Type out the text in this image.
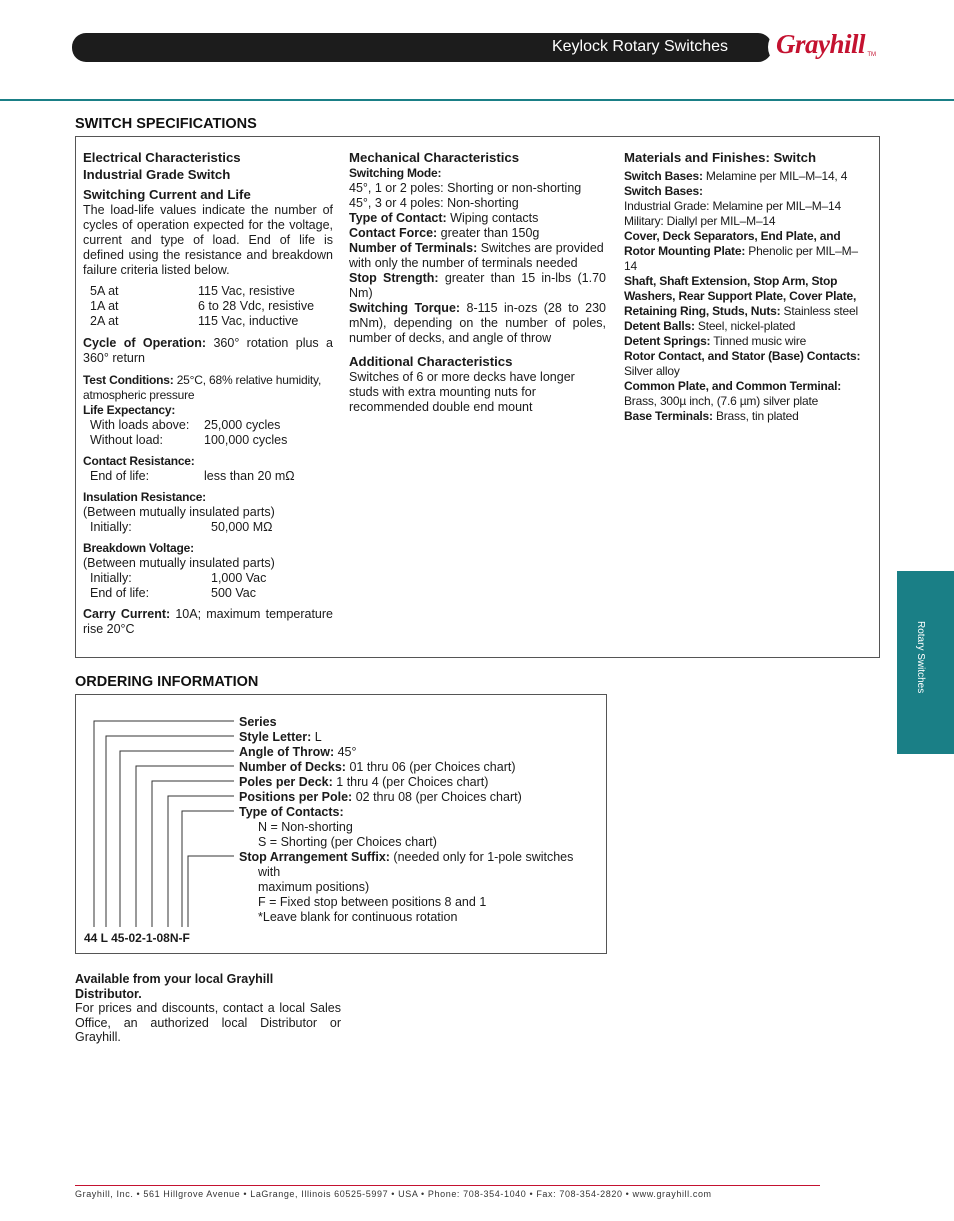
Keylock Rotary Switches Grayhill TM
SWITCH SPECIFICATIONS
Electrical Characteristics
Industrial Grade Switch
Switching Current and Life
The load-life values indicate the number of cycles of operation expected for the voltage, current and type of load. End of life is defined using the resistance and breakdown failure criteria listed below.
5A at	115 Vac, resistive
1A at	6 to 28 Vdc, resistive
2A at	115 Vac, inductive
Cycle of Operation: 360° rotation plus a 360° return
Test Conditions: 25°C, 68% relative humidity, atmospheric pressure
Life Expectancy:
With loads above:	25,000 cycles
Without load:	100,000 cycles
Contact Resistance:
End of life:	less than 20 mΩ
Insulation Resistance:
(Between mutually insulated parts)
Initially:	50,000 MΩ
Breakdown Voltage:
(Between mutually insulated parts)
Initially:	1,000 Vac
End of life:	500 Vac
Carry Current: 10A; maximum temperature rise 20°C
Mechanical Characteristics
Switching Mode:
45°, 1 or 2 poles: Shorting or non-shorting
45°, 3 or 4 poles: Non-shorting
Type of Contact: Wiping contacts
Contact Force: greater than 150g
Number of Terminals: Switches are provided with only the number of terminals needed
Stop Strength: greater than 15 in-lbs (1.70 Nm)
Switching Torque: 8-115 in-ozs (28 to 230 mNm), depending on the number of poles, number of decks, and angle of throw
Additional Characteristics
Switches of 6 or more decks have longer studs with extra mounting nuts for recommended double end mount
Materials and Finishes: Switch
Switch Bases: Melamine per MIL–M–14, 4
Switch Bases:
Industrial Grade: Melamine per MIL–M–14
Military: Diallyl per MIL–M–14
Cover, Deck Separators, End Plate, and Rotor Mounting Plate: Phenolic per MIL–M–14
Shaft, Shaft Extension, Stop Arm, Stop Washers, Rear Support Plate, Cover Plate, Retaining Ring, Studs, Nuts: Stainless steel
Detent Balls: Steel, nickel-plated
Detent Springs: Tinned music wire
Rotor Contact, and Stator (Base) Contacts: Silver alloy
Common Plate, and Common Terminal: Brass, 300µ inch, (7.6 µm) silver plate
Base Terminals: Brass, tin plated
ORDERING INFORMATION
Series
Style Letter: L
Angle of Throw: 45°
Number of Decks: 01 thru 06 (per Choices chart)
Poles per Deck: 1 thru 4 (per Choices chart)
Positions per Pole: 02 thru 08 (per Choices chart)
Type of Contacts:
N = Non-shorting
S = Shorting (per Choices chart)
Stop Arrangement Suffix: (needed only for 1-pole switches
with
maximum positions)
F = Fixed stop between positions 8 and 1
*Leave blank for continuous rotation
44 L 45-02-1-08N-F
Available from your local Grayhill Distributor.
For prices and discounts, contact a local Sales Office, an authorized local Distributor or Grayhill.
Rotary Switches
Grayhill, Inc. • 561 Hillgrove Avenue • LaGrange, Illinois 60525-5997 • USA • Phone: 708-354-1040 • Fax: 708-354-2820 • www.grayhill.com
